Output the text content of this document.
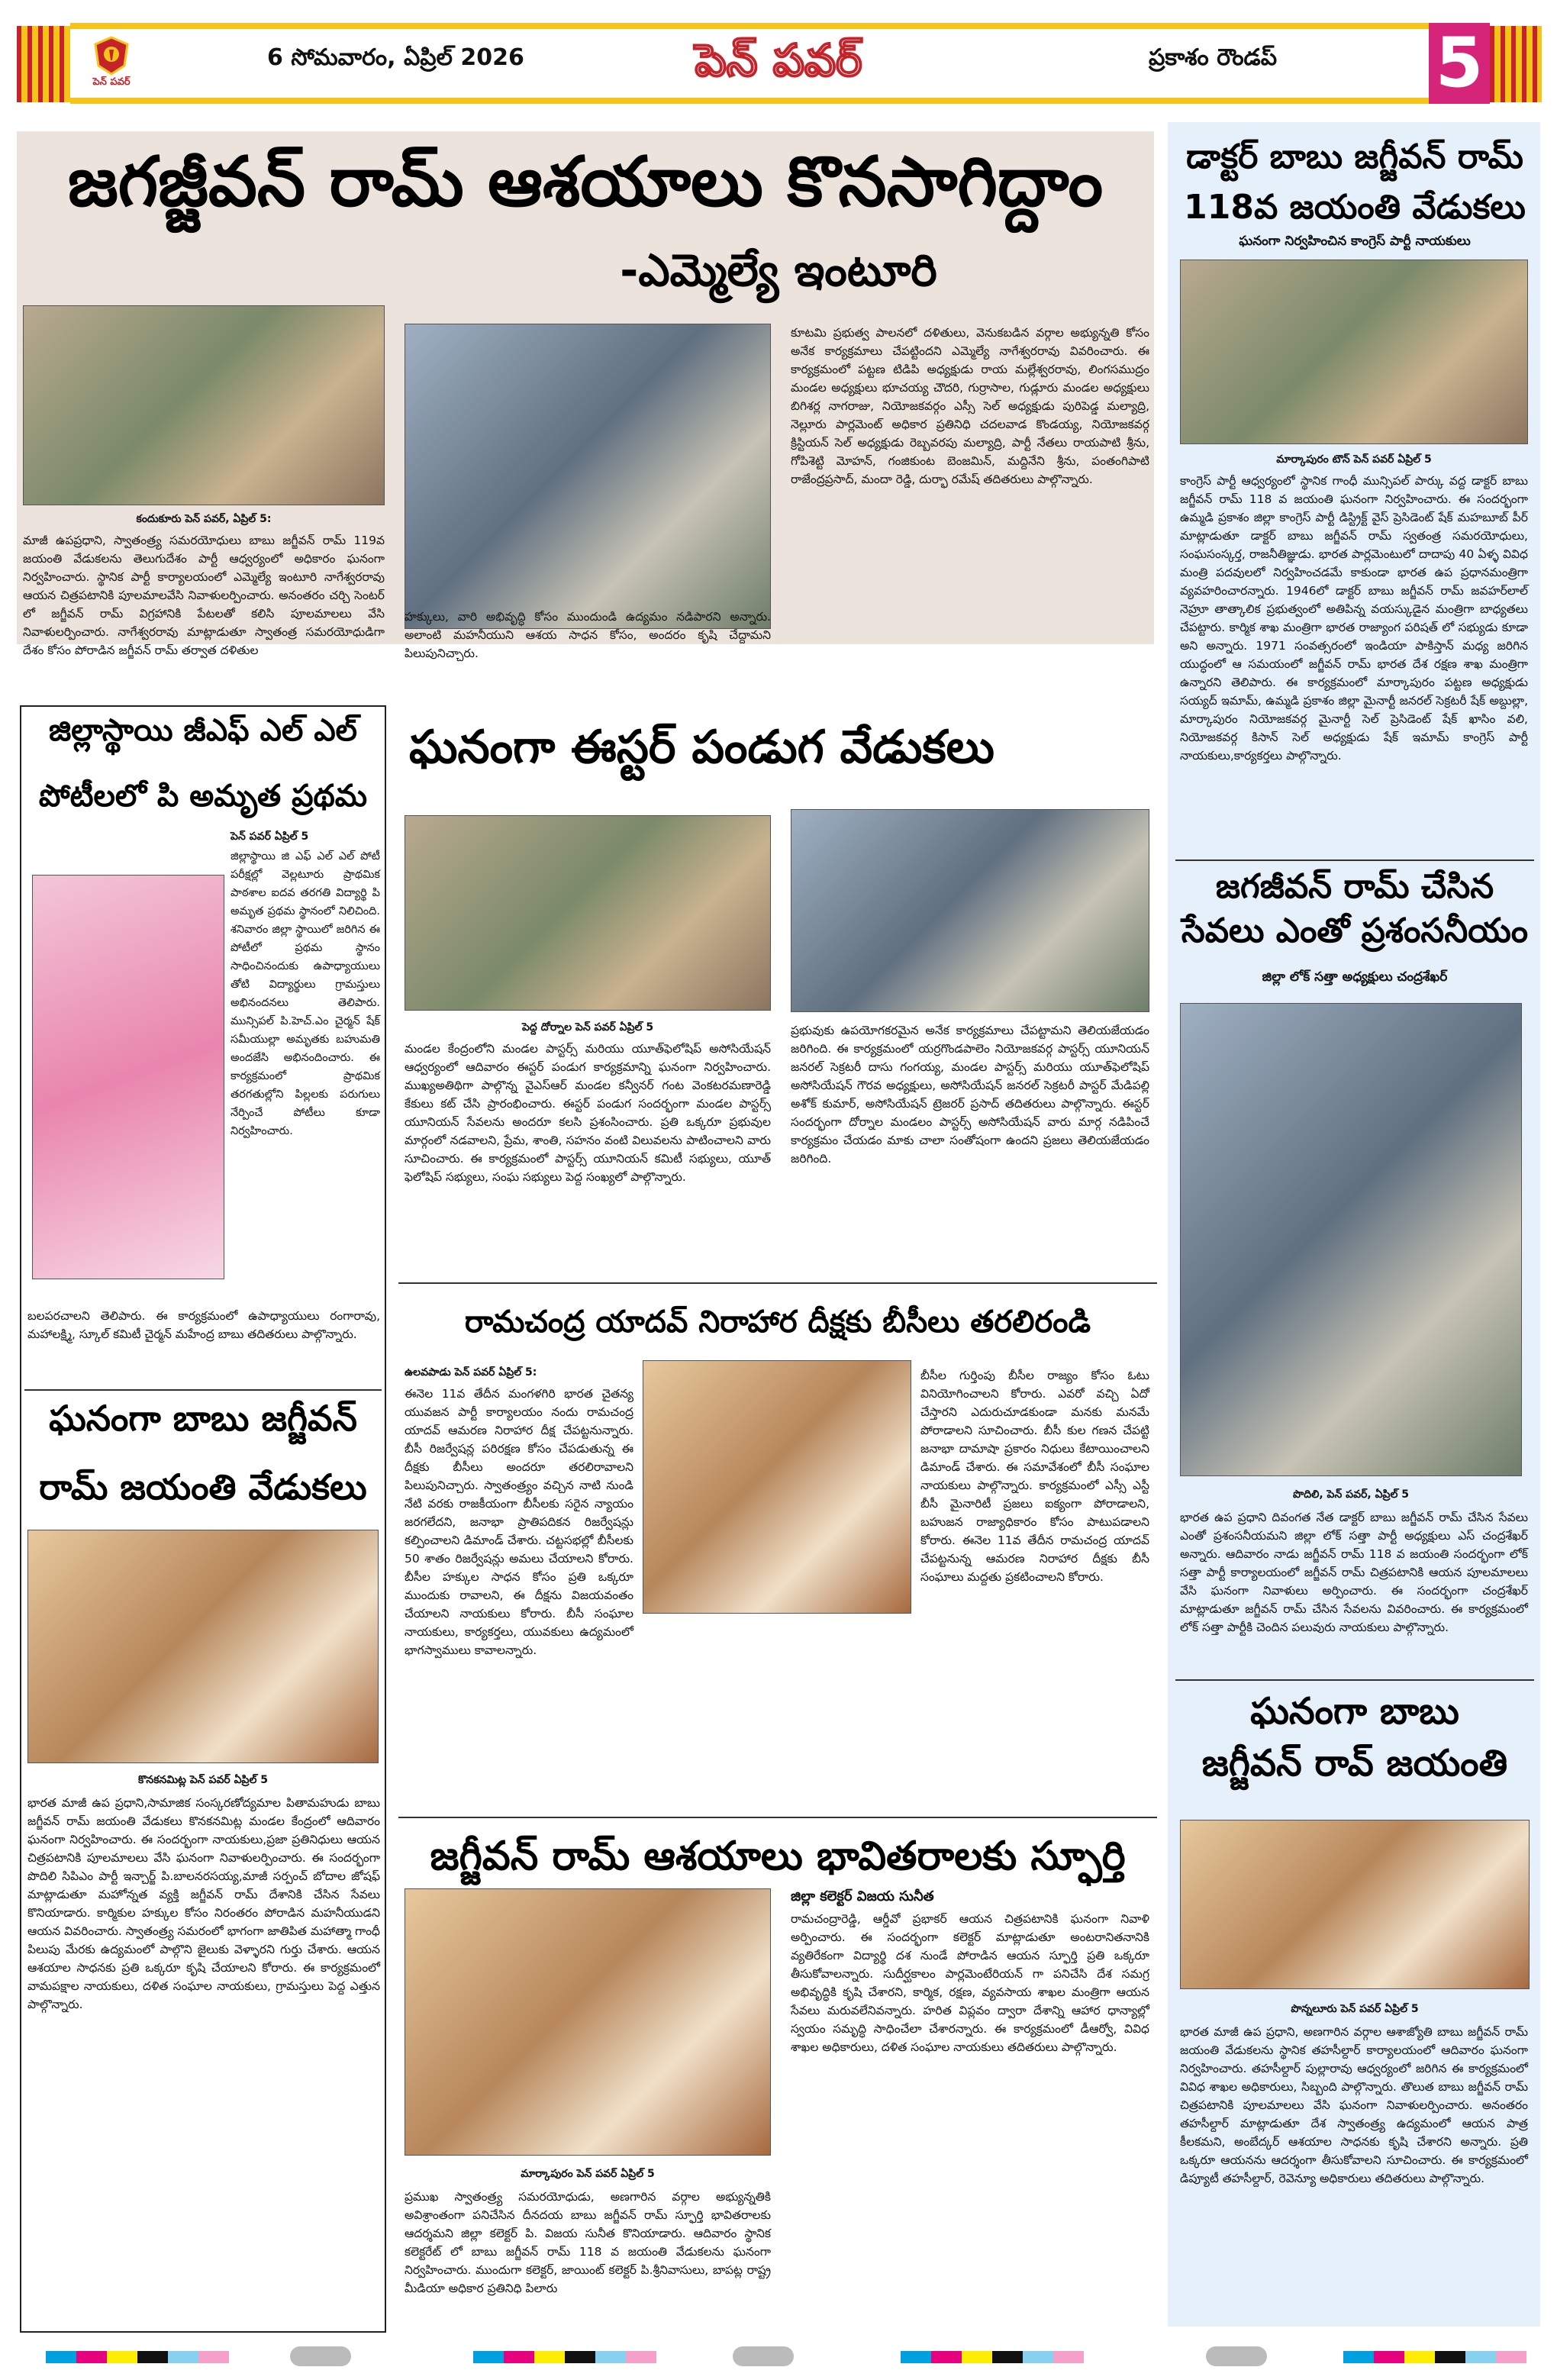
పెన్ పవర్
6 సోమవారం, ఏప్రిల్ 2026	పెన్ పవర్	ప్రకాశం రౌండప్ 5
జగజ్జీవన్ రామ్ ఆశయాలు కొనసాగిద్దాం
-ఎమ్మెల్యే ఇంటూరి
కందుకూరు పెన్ పవర్, ఏప్రిల్ 5:
మాజీ ఉపప్రధాని, స్వాతంత్ర్య సమరయోధులు బాబు జగ్జీవన్ రామ్ 119వ జయంతి వేడుకలను తెలుగుదేశం పార్టీ ఆధ్వర్యంలో అధికారం ఘనంగా నిర్వహించారు. స్థానిక పార్టీ కార్యాలయంలో ఎమ్మెల్యే ఇంటూరి నాగేశ్వరరావు ఆయన చిత్రపటానికి పూలమాలవేసి నివాళులర్పించారు. అనంతరం చర్చి సెంటర్ లో జగ్జీవన్ రామ్ విగ్రహానికి పేటలతో కలిసి పూలమాలలు వేసి నివాళులర్పించారు. నాగేశ్వరరావు మాట్లాడుతూ స్వాతంత్ర సమరయోధుడిగా దేశం కోసం పోరాడిన జగ్జీవన్ రామ్ తర్వాత దళితుల
హక్కులు, వారి అభివృద్ధి కోసం ముందుండి ఉద్యమం నడిపారని అన్నారు. అలాంటి మహనీయుని ఆశయ సాధన కోసం, అందరం కృషి చేద్దామని పిలుపునిచ్చారు.
కూటమి ప్రభుత్వ పాలనలో దళితులు, వెనుకబడిన వర్గాల అభ్యున్నతి కోసం అనేక కార్యక్రమాలు చేపట్టిందని ఎమ్మెల్యే నాగేశ్వరరావు వివరించారు. ఈ కార్యక్రమంలో పట్టణ టిడిపి అధ్యక్షుడు రాయ మల్లేశ్వరరావు, లింగసముద్రం మండల అధ్యక్షులు భూచయ్య చౌదరి, గుర్రాసాల, గుడ్లూరు మండల అధ్యక్షులు బిగిశర్ల నాగరాజు, నియోజకవర్గం ఎస్సీ సెల్ అధ్యక్షుడు పురిపెడ్డ మల్యాద్రి, నెల్లూరు పార్లమెంట్ అధికార ప్రతినిధి చదలవాడ కొండయ్య, నియోజకవర్గ క్రిస్టియన్ సెల్ అధ్యక్షుడు రెబ్బవరపు మల్యాద్రి, పార్టీ నేతలు రాయపాటి శ్రీను, గోపిశెట్టి మోహన్, గంజికుంట బెంజమిన్, మద్దినేని శ్రీను, పంతంగిపాటి రాజేంద్రప్రసాద్, మందా రెడ్డి, దుర్భా రమేష్ తదితరులు పాల్గొన్నారు.
డాక్టర్ బాబు జగ్జీవన్ రామ్
118వ జయంతి వేడుకలు
ఘనంగా నిర్వహించిన కాంగ్రెస్ పార్టీ నాయకులు
మార్కాపురం టౌన్ పెన్ పవర్ ఏప్రిల్ 5
కాంగ్రెస్ పార్టీ ఆధ్వర్యంలో స్థానిక గాంధీ మున్సిపల్ పార్కు వద్ద డాక్టర్ బాబు జగ్జీవన్ రామ్ 118 వ జయంతి ఘనంగా నిర్వహించారు. ఈ సందర్భంగా ఉమ్మడి ప్రకాశం జిల్లా కాంగ్రెస్ పార్టీ డిస్ట్రిక్ట్ వైస్ ప్రెసిడెంట్ షేక్ మహబూబ్ పీర్ మాట్లాడుతూ డాక్టర్ బాబు జగ్జీవన్ రామ్ స్వతంత్ర సమరయోధులు, సంఘసంస్కర్త, రాజనీతిజ్ఞుడు. భారత పార్లమెంటులో దాదాపు 40 ఏళ్ళ వివిధ మంత్రి పదవులలో నిర్వహించడమే కాకుండా భారత ఉప ప్రధానమంత్రిగా వ్యవహరించారన్నారు. 1946లో డాక్టర్ బాబు జగ్జీవన్ రామ్ జవహర్‌లాల్ నెహ్రూ తాత్కాలిక ప్రభుత్వంలో అతిపిన్న వయస్కుడైన మంత్రిగా బాధ్యతలు చేపట్టారు. కార్మిక శాఖ మంత్రిగా భారత రాజ్యాంగ పరిషత్ లో సభ్యుడు కూడా అని అన్నారు. 1971 సంవత్సరంలో ఇండియా పాకిస్తాన్ మధ్య జరిగిన యుద్ధంలో ఆ సమయంలో జగ్జీవన్ రామ్ భారత దేశ రక్షణ శాఖ మంత్రిగా ఉన్నారని తెలిపారు. ఈ కార్యక్రమంలో మార్కాపురం పట్టణ అధ్యక్షుడు సయ్యద్ ఇమామ్, ఉమ్మడి ప్రకాశం జిల్లా మైనార్టీ జనరల్ సెక్రటరీ షేక్ అబ్దుల్లా, మార్కాపురం నియోజకవర్గ మైనార్టీ సెల్ ప్రెసిడెంట్ షేక్ ఖాసిం వలి, నియోజకవర్గ కిసాన్ సెల్ అధ్యక్షుడు షేక్ ఇమామ్ కాంగ్రెస్ పార్టీ నాయకులు,కార్యకర్తలు పాల్గొన్నారు.
జగజీవన్ రామ్ చేసిన
సేవలు ఎంతో ప్రశంసనీయం
జిల్లా లోక్ సత్తా అధ్యక్షులు చంద్రశేఖర్
పొదిలి, పెన్ పవర్, ఏప్రిల్ 5
భారత ఉప ప్రధాని దివంగత నేత డాక్టర్ బాబు జగ్జీవన్ రామ్ చేసిన సేవలు ఎంతో ప్రశంసనీయమని జిల్లా లోక్ సత్తా పార్టీ అధ్యక్షులు ఎస్ చంద్రశేఖర్ అన్నారు. ఆదివారం నాడు జగ్జీవన్ రామ్ 118 వ జయంతి సందర్భంగా లోక్ సత్తా పార్టీ కార్యాలయంలో జగ్జీవన్ రామ్ చిత్రపటానికి ఆయన పూలమాలలు వేసి ఘనంగా నివాళులు అర్పించారు. ఈ సందర్భంగా చంద్రశేఖర్ మాట్లాడుతూ జగ్జీవన్ రామ్ చేసిన సేవలను వివరించారు. ఈ కార్యక్రమంలో లోక్ సత్తా పార్టీకి చెందిన పలువురు నాయకులు పాల్గొన్నారు.
ఘనంగా బాబు
జగ్జీవన్ రావ్ జయంతి
పొన్నలూరు పెన్ పవర్ ఏప్రిల్ 5
భారత మాజీ ఉప ప్రధాని, అణగారిన వర్గాల ఆశాజ్యోతి బాబు జగ్జీవన్ రామ్ జయంతి వేడుకలను స్థానిక తహసీల్దార్ కార్యాలయంలో ఆదివారం ఘనంగా నిర్వహించారు. తహసీల్దార్ పుల్లారావు ఆధ్వర్యంలో జరిగిన ఈ కార్యక్రమంలో వివిధ శాఖల అధికారులు, సిబ్బంది పాల్గొన్నారు. తొలుత బాబు జగ్జీవన్ రామ్ చిత్రపటానికి పూలమాలలు వేసి ఘనంగా నివాళులర్పించారు. అనంతరం తహసీల్దార్ మాట్లాడుతూ దేశ స్వాతంత్ర్య ఉద్యమంలో ఆయన పాత్ర కీలకమని, అంబేద్కర్ ఆశయాల సాధనకు కృషి చేశారని అన్నారు. ప్రతి ఒక్కరూ ఆయనను ఆదర్శంగా తీసుకోవాలని సూచించారు. ఈ కార్యక్రమంలో డిప్యూటీ తహసీల్దార్, రెవెన్యూ అధికారులు తదితరులు పాల్గొన్నారు.
జిల్లాస్థాయి జీఎఫ్ ఎల్ ఎల్
పోటీలలో పి అమృత ప్రథమ
పెన్ పవర్ ఏప్రిల్ 5
జిల్లాస్థాయి జి ఎఫ్ ఎల్ ఎల్ పోటీ పరీక్షల్లో వెల్లటూరు ప్రాథమిక పాఠశాల ఐదవ తరగతి విద్యార్థి పి అమృత ప్రథమ స్థానంలో నిలిచింది. శనివారం జిల్లా స్థాయిలో జరిగిన ఈ పోటీలో ప్రథమ స్థానం సాధించినందుకు ఉపాధ్యాయులు తోటి విద్యార్థులు గ్రామస్తులు అభినందనలు తెలిపారు. మున్సిపల్ పి.హెచ్.ఎం చైర్మన్ షేక్ సమీయుల్లా అమృతకు బహుమతి అందజేసి అభినందించారు. ఈ కార్యక్రమంలో ప్రాథమిక తరగతుల్లోని పిల్లలకు పరుగులు నేర్పించే పోటీలు కూడా నిర్వహించారు.
బలపరచాలని తెలిపారు. ఈ కార్యక్రమంలో ఉపాధ్యాయులు రంగారావు, మహాలక్ష్మి, స్కూల్ కమిటీ చైర్మన్ మహేంద్ర బాబు తదితరులు పాల్గొన్నారు.
ఘనంగా బాబు జగ్జీవన్
రామ్ జయంతి వేడుకలు
కొనకనమిట్ల పెన్ పవర్ ఏప్రిల్ 5
భారత మాజీ ఉప ప్రధాని,సామాజిక సంస్కరణోద్యమాల పితామహుడు బాబు జగ్జీవన్ రామ్ జయంతి వేడుకలు కొనకనమిట్ల మండల కేంద్రంలో ఆదివారం ఘనంగా నిర్వహించారు. ఈ సందర్భంగా నాయకులు,ప్రజా ప్రతినిధులు ఆయన చిత్రపటానికి పూలమాలలు వేసి ఘనంగా నివాళులర్పించారు. ఈ సందర్భంగా పొదిలి సిపిఎం పార్టీ ఇన్చార్జ్ పి.బాలనరసయ్య,మాజీ సర్పంచ్ బోదాల జోషఫ్ మాట్లాడుతూ మహోన్నత వ్యక్తి జగ్జీవన్ రామ్ దేశానికి చేసిన సేవలు కొనియాడారు. కార్మికుల హక్కుల కోసం నిరంతరం పోరాడిన మహనీయుడని ఆయన వివరించారు. స్వాతంత్ర్య సమరంలో భాగంగా జాతిపిత మహాత్మా గాంధీ పిలుపు మేరకు ఉద్యమంలో పాల్గొని జైలుకు వెళ్ళారని గుర్తు చేశారు. ఆయన ఆశయాల సాధనకు ప్రతి ఒక్కరూ కృషి చేయాలని కోరారు. ఈ కార్యక్రమంలో వామపక్షాల నాయకులు, దళిత సంఘాల నాయకులు, గ్రామస్తులు పెద్ద ఎత్తున పాల్గొన్నారు.
ఘనంగా ఈస్టర్ పండుగ వేడుకలు
పెద్ద దోర్నాల పెన్ పవర్ ఏప్రిల్ 5
మండల కేంద్రంలోని మండల పాస్టర్స్ మరియు యూత్‌ఫెలోషిప్ అసోసియేషన్ ఆధ్వర్యంలో ఆదివారం ఈస్టర్ పండుగ కార్యక్రమాన్ని ఘనంగా నిర్వహించారు. ముఖ్యఅతిథిగా పాల్గొన్న వైఎస్ఆర్ మండల కన్వీనర్ గంట వెంకటరమణారెడ్డి కేకులు కట్ చేసి ప్రారంభించారు. ఈస్టర్ పండుగ సందర్భంగా మండల పాస్టర్స్ యూనియన్ సేవలను అందరూ కలసి ప్రశంసించారు. ప్రతి ఒక్కరూ ప్రభువుల మార్గంలో నడవాలని, ప్రేమ, శాంతి, సహనం వంటి విలువలను పాటించాలని వారు సూచించారు. ఈ కార్యక్రమంలో పాస్టర్స్ యూనియన్ కమిటీ సభ్యులు, యూత్ ఫెలోషిప్ సభ్యులు, సంఘ సభ్యులు పెద్ద సంఖ్యలో పాల్గొన్నారు.
ప్రభువుకు ఉపయోగకరమైన అనేక కార్యక్రమాలు చేపట్టామని తెలియజేయడం జరిగింది. ఈ కార్యక్రమంలో యర్రగొండపాలెం నియోజకవర్గ పాస్టర్స్ యూనియన్ జనరల్ సెక్రటరీ దాసు గంగయ్య, మండల పాస్టర్స్ మరియు యూత్‌ఫెలోషిప్ అసోసియేషన్ గౌరవ అధ్యక్షులు, అసోసియేషన్ జనరల్ సెక్రటరీ పాస్టర్ మేడిపల్లి అశోక్ కుమార్, అసోసియేషన్ ట్రెజరర్ ప్రసాద్ తదితరులు పాల్గొన్నారు. ఈస్టర్ సందర్భంగా దోర్నాల మండలం పాస్టర్స్ అసోసియేషన్ వారు మార్గ నడిపించే కార్యక్రమం చేయడం మాకు చాలా సంతోషంగా ఉందని ప్రజలు తెలియజేయడం జరిగింది.
రామచంద్ర యాదవ్ నిరాహార దీక్షకు బీసీలు తరలిరండి
ఉలవపాడు పెన్ పవర్ ఏప్రిల్ 5:
ఈనెల 11వ తేదీన మంగళగిరి భారత చైతన్య యువజన పార్టీ కార్యాలయం నందు రామచంద్ర యాదవ్ ఆమరణ నిరాహార దీక్ష చేపట్టనున్నారు. బీసీ రిజర్వేషన్ల పరిరక్షణ కోసం చేపడుతున్న ఈ దీక్షకు బీసీలు అందరూ తరలిరావాలని పిలుపునిచ్చారు. స్వాతంత్ర్యం వచ్చిన నాటి నుండి నేటి వరకు రాజకీయంగా బీసీలకు సరైన న్యాయం జరగలేదని, జనాభా ప్రాతిపదికన రిజర్వేషన్లు కల్పించాలని డిమాండ్ చేశారు. చట్టసభల్లో బీసీలకు 50 శాతం రిజర్వేషన్లు అమలు చేయాలని కోరారు. బీసీల హక్కుల సాధన కోసం ప్రతి ఒక్కరూ ముందుకు రావాలని, ఈ దీక్షను విజయవంతం చేయాలని నాయకులు కోరారు. బీసీ సంఘాల నాయకులు, కార్యకర్తలు, యువకులు ఉద్యమంలో భాగస్వాములు కావాలన్నారు.
బీసీల గుర్తింపు బీసీల రాజ్యం కోసం ఓటు వినియోగించాలని కోరారు. ఎవరో వచ్చి ఏదో చేస్తారని ఎదురుచూడకుండా మనకు మనమే పోరాడాలని సూచించారు. బీసీ కుల గణన చేపట్టి జనాభా దామాషా ప్రకారం నిధులు కేటాయించాలని డిమాండ్ చేశారు. ఈ సమావేశంలో బీసీ సంఘాల నాయకులు పాల్గొన్నారు. కార్యక్రమంలో ఎస్సీ ఎస్టీ బీసీ మైనారిటీ ప్రజలు ఐక్యంగా పోరాడాలని, బహుజన రాజ్యాధికారం కోసం పాటుపడాలని కోరారు. ఈనెల 11వ తేదీన రామచంద్ర యాదవ్ చేపట్టనున్న ఆమరణ నిరాహార దీక్షకు బీసీ సంఘాలు మద్దతు ప్రకటించాలని కోరారు.
జగ్జీవన్ రామ్ ఆశయాలు భావితరాలకు స్ఫూర్తి
మార్కాపురం పెన్ పవర్ ఏప్రిల్ 5
ప్రముఖ స్వాతంత్ర్య సమరయోధుడు, అణగారిన వర్గాల అభ్యున్నతికి అవిశ్రాంతంగా పనిచేసిన దీనదయ బాబు జగ్జీవన్ రామ్ స్ఫూర్తి భావితరాలకు ఆదర్శమని జిల్లా కలెక్టర్ పి. విజయ సునీత కొనియాడారు. ఆదివారం స్థానిక కలెక్టరేట్ లో బాబు జగ్జీవన్ రామ్ 118 వ జయంతి వేడుకలను ఘనంగా నిర్వహించారు. ముందుగా కలెక్టర్, జాయింట్ కలెక్టర్ పి.శ్రీనివాసులు, బాపట్ల రాష్ట్ర మీడియా అధికార ప్రతినిధి పిలారు
జిల్లా కలెక్టర్ విజయ సునీత
రామచంద్రారెడ్డి, ఆర్డీవో ప్రభాకర్ ఆయన చిత్రపటానికి ఘనంగా నివాళి అర్పించారు. ఈ సందర్భంగా కలెక్టర్ మాట్లాడుతూ అంటరానితనానికి వ్యతిరేకంగా విద్యార్థి దశ నుండే పోరాడిన ఆయన స్ఫూర్తి ప్రతి ఒక్కరూ తీసుకోవాలన్నారు. సుదీర్ఘకాలం పార్లమెంటేరియన్ గా పనిచేసి దేశ సమగ్ర అభివృద్ధికి కృషి చేశారని, కార్మిక, రక్షణ, వ్యవసాయ శాఖల మంత్రిగా ఆయన సేవలు మరువలేనివన్నారు. హరిత విప్లవం ద్వారా దేశాన్ని ఆహార ధాన్యాల్లో స్వయం సమృద్ధి సాధించేలా చేశారన్నారు. ఈ కార్యక్రమంలో డీఆర్వో, వివిధ శాఖల అధికారులు, దళిత సంఘాల నాయకులు తదితరులు పాల్గొన్నారు.
